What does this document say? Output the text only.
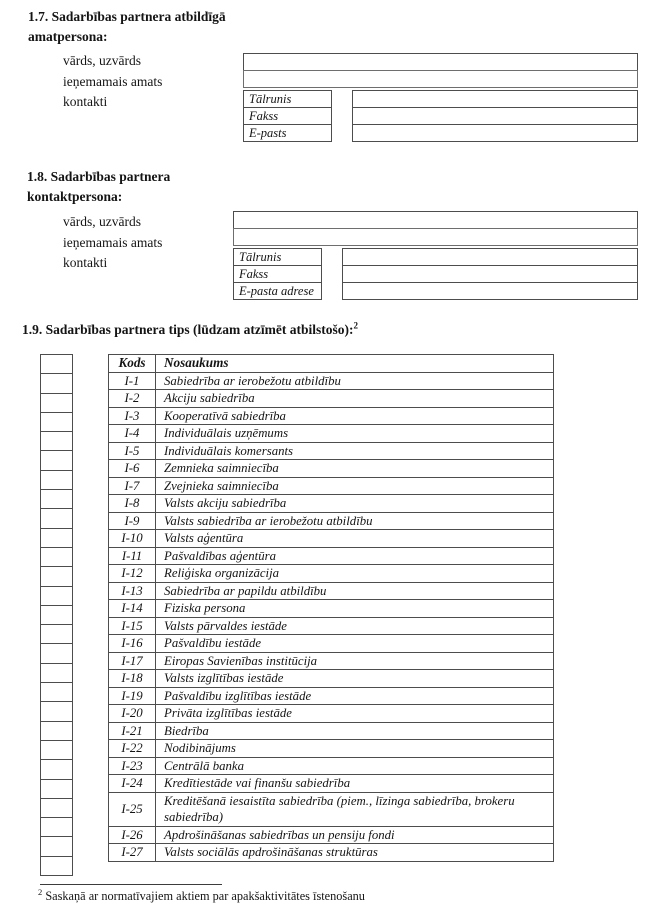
1.7. Sadarbības partnera atbildīgā amatpersona:
vārds, uzvārds
ieņemamais amats
kontakti	Tālrunis
Fakss
E-pasts
1.8. Sadarbības partnera kontaktpersona:
vārds, uzvārds
ieņemamais amats
kontakti	Tālrunis
Fakss
E-pasta adrese
1.9. Sadarbības partnera tips (lūdzam atzīmēt atbilstošo):$^2$
Kods	Nosaukums
I-1	Sabiedrība ar ierobežotu atbildību
I-2	Akciju sabiedrība
I-3	Kooperatīvā sabiedrība
I-4	Individuālais uzņēmums
I-5	Individuālais komersants
I-6	Zemnieka saimniecība
I-7	Zvejnieka saimniecība
I-8	Valsts akciju sabiedrība
I-9	Valsts sabiedrība ar ierobežotu atbildību
I-10	Valsts aģentūra
I-11	Pašvaldības aģentūra
I-12	Reliģiska organizācija
I-13	Sabiedrība ar papildu atbildību
I-14	Fiziska persona
I-15	Valsts pārvaldes iestāde
I-16	Pašvaldību iestāde
I-17	Eiropas Savienības institūcija
I-18	Valsts izglītības iestāde
I-19	Pašvaldību izglītības iestāde
I-20	Privāta izglītības iestāde
I-21	Biedrība
I-22	Nodibinājums
I-23	Centrālā banka
I-24	Kredītiestāde vai finanšu sabiedrība
I-25	Kreditēšanā iesaistīta sabiedrība (piem., līzinga sabiedrība, brokeru sabiedrība)
I-26	Apdrošināšanas sabiedrības un pensiju fondi
I-27	Valsts sociālās apdrošināšanas struktūras
$^2$ Saskaņā ar normatīvajiem aktiem par apakšaktivitātes īstenošanu
